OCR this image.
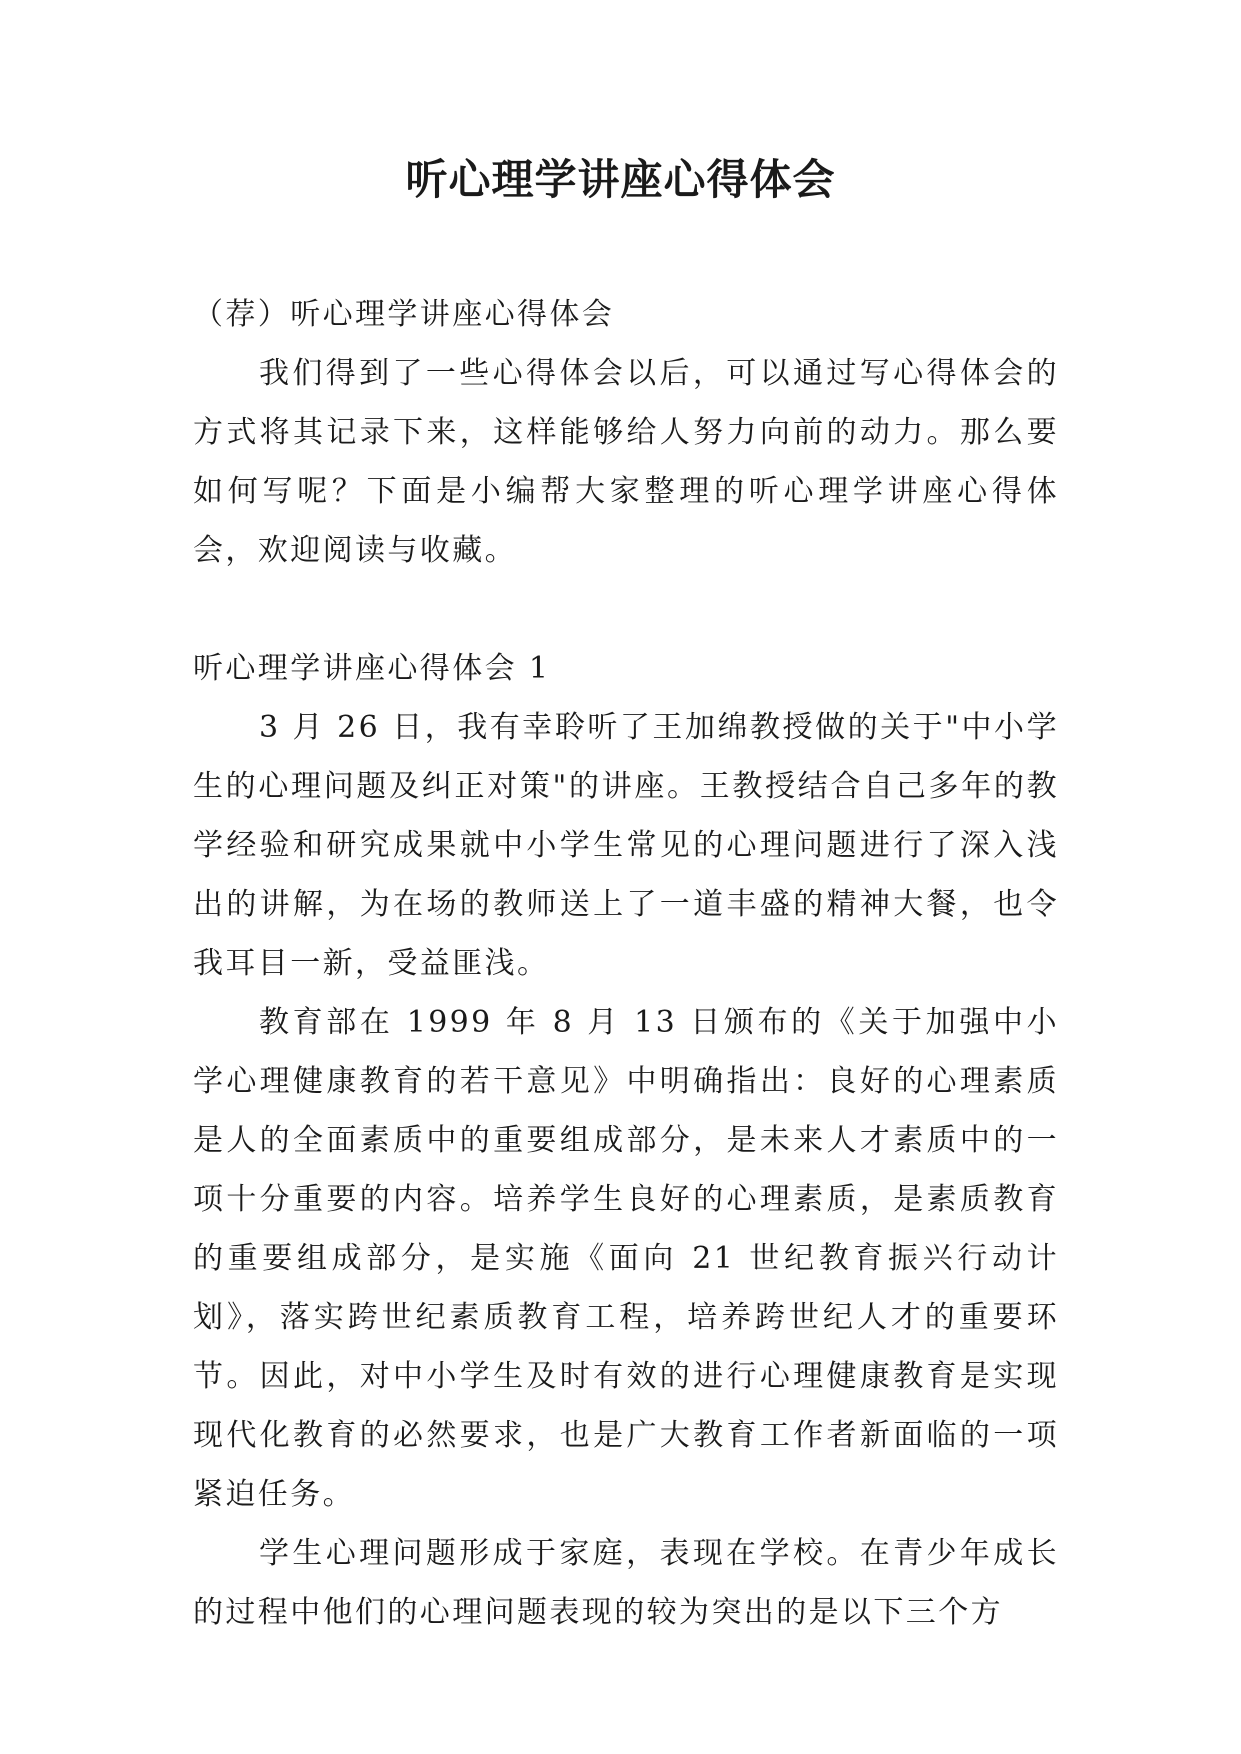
听心理学讲座心得体会

（荐）听心理学讲座心得体会

我们得到了一些心得体会以后，可以通过写心得体会的方式将其记录下来，这样能够给人努力向前的动力。那么要如何写呢？下面是小编帮大家整理的听心理学讲座心得体会，欢迎阅读与收藏。

听心理学讲座心得体会 1

3 月 26 日，我有幸聆听了王加绵教授做的关于"中小学生的心理问题及纠正对策"的讲座。王教授结合自己多年的教学经验和研究成果就中小学生常见的心理问题进行了深入浅出的讲解，为在场的教师送上了一道丰盛的精神大餐，也令我耳目一新，受益匪浅。

教育部在 1999 年 8 月 13 日颁布的《关于加强中小学心理健康教育的若干意见》中明确指出：良好的心理素质是人的全面素质中的重要组成部分，是未来人才素质中的一项十分重要的内容。培养学生良好的心理素质，是素质教育的重要组成部分，是实施《面向 21 世纪教育振兴行动计划》，落实跨世纪素质教育工程，培养跨世纪人才的重要环节。因此，对中小学生及时有效的进行心理健康教育是实现现代化教育的必然要求，也是广大教育工作者新面临的一项紧迫任务。

学生心理问题形成于家庭，表现在学校。在青少年成长的过程中他们的心理问题表现的较为突出的是以下三个方
